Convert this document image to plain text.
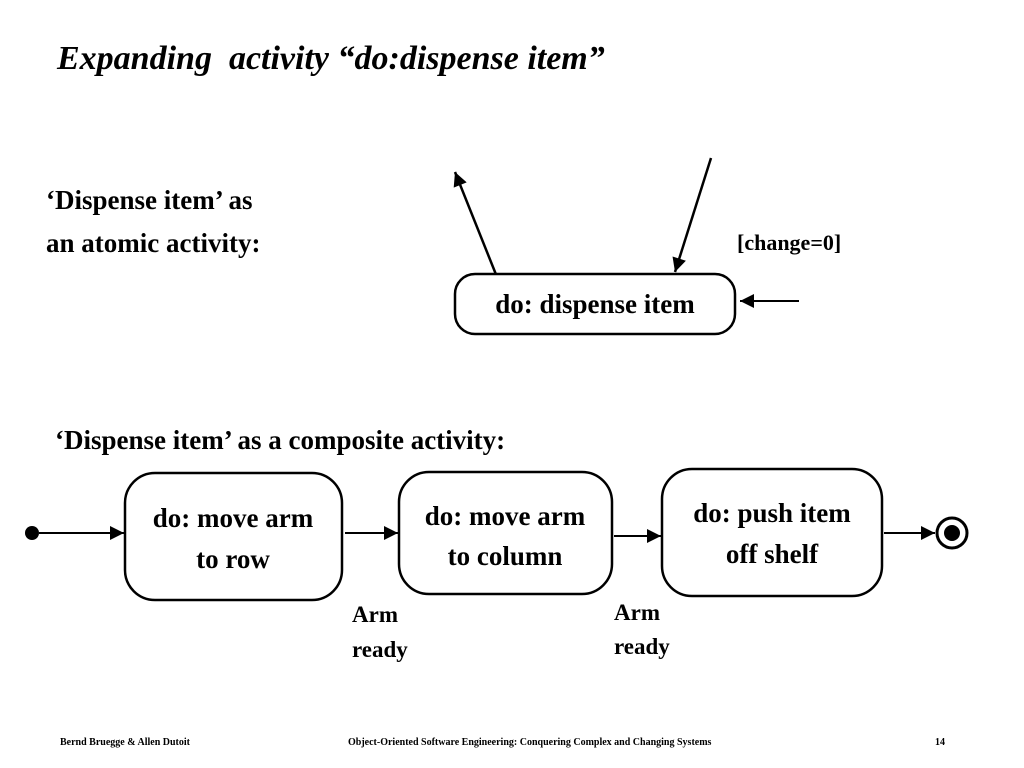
Expanding  activity “do:dispense item”
‘Dispense item’ as
an atomic activity:
do: dispense item
[change=0]
‘Dispense item’ as a composite activity:
do: move arm
to row
do: move arm
to column
do: push item
off shelf
Arm
ready
Arm
ready
Bernd Bruegge & Allen Dutoit	Object-Oriented Software Engineering: Conquering Complex and Changing Systems	14
